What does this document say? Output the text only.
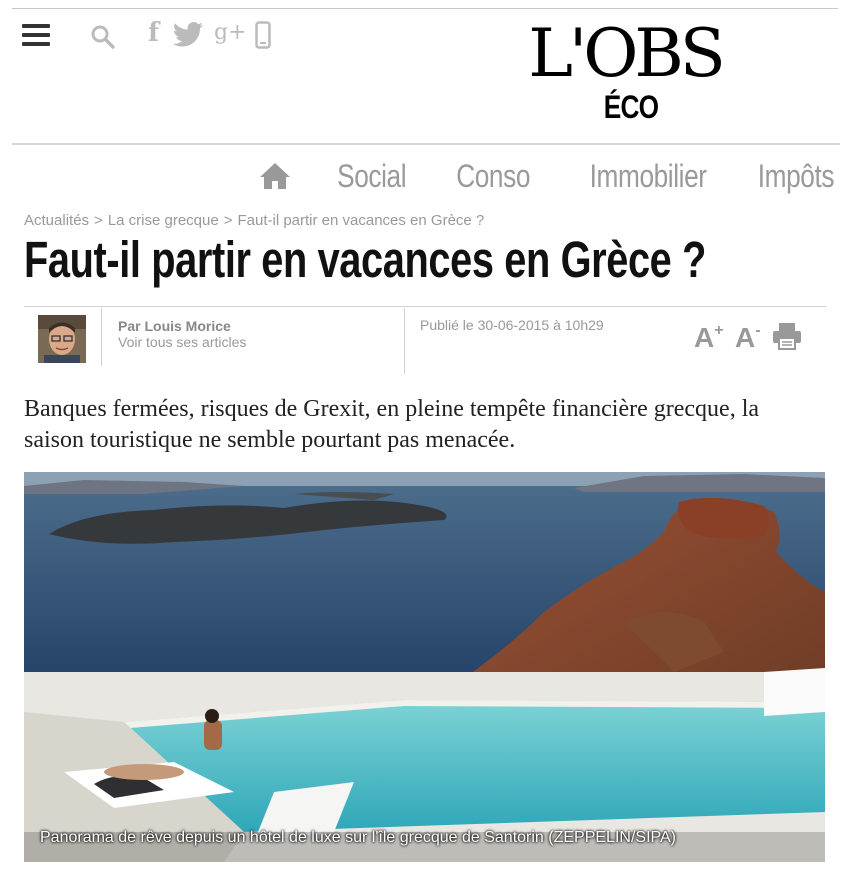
f g+	L'OBS
ÉCO
Social Conso Immobilier Impôts
Actualités > La crise grecque > Faut-il partir en vacances en Grèce ?
Faut-il partir en vacances en Grèce ?
Par Louis Morice
Voir tous ses articles
Publié le 30-06-2015 à 10h29	A+ A-

Banques fermées, risques de Grexit, en pleine tempête financière grecque, la saison touristique ne semble pourtant pas menacée.

Panorama de rêve depuis un hôtel de luxe sur l'île grecque de Santorin (ZEPPELIN/SIPA)
